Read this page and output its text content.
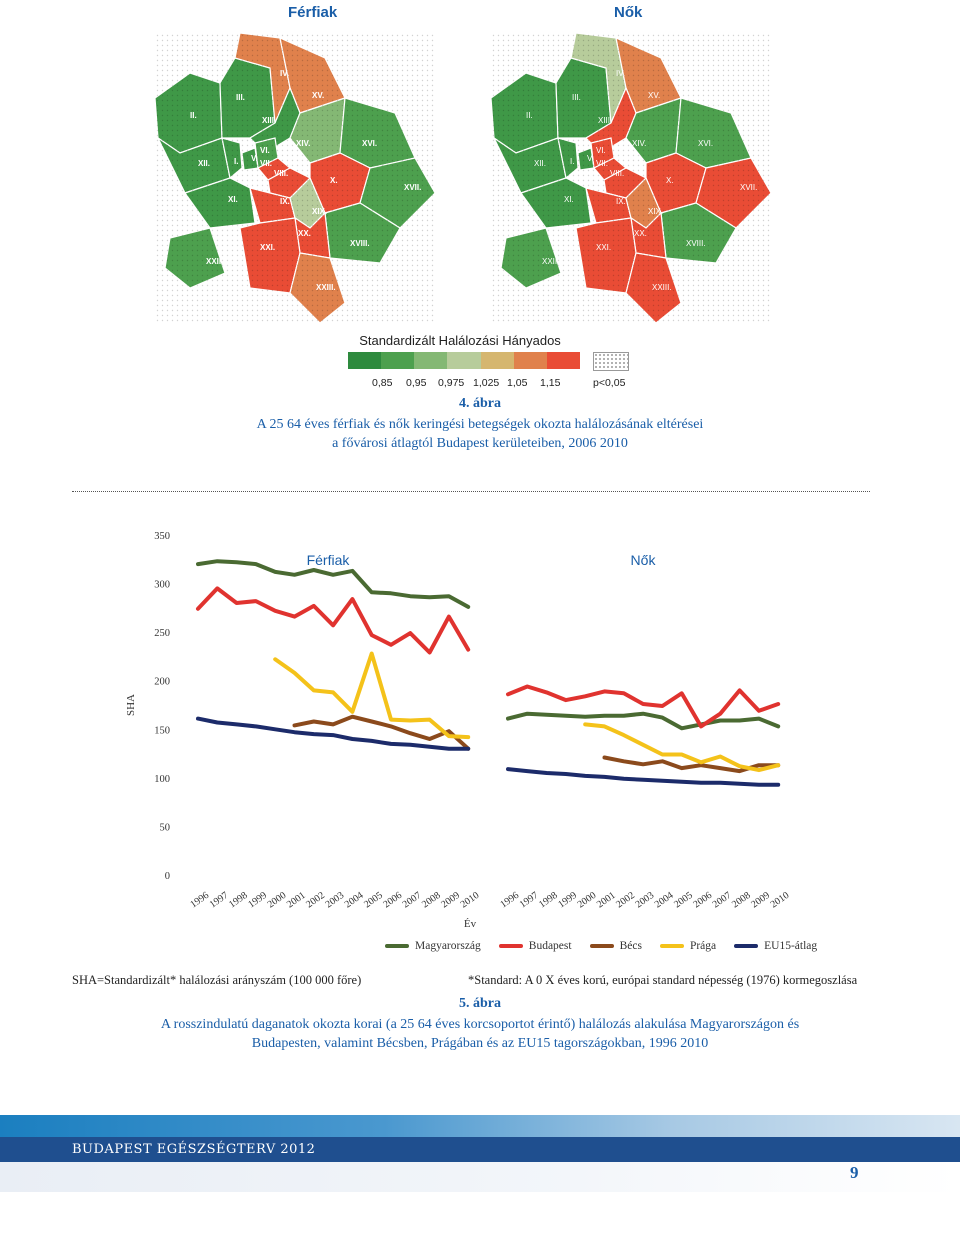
Férfiak	Nők
II.
III.
IV.
XV.
XIII.
XIV.	XVI.
XII.	I. V.
VI.
VII.
VIII.
X.
XVII.
XI.	IX.
XIX.
XVIII.
XX.
XXII.
XXI.
XXIII.
II.
III.
IV.
XV.
XIII.
XIV.	XVI.
XII.	I. V.
VI.
VII.
VIII.
X.
XVII.
XI.	IX.
XIX.
XVIII.
XX.
XXII.
XXI.
XXIII.
Standardizált Halálozási Hányados
0,85 0,95 0,975 1,025 1,05 1,15	p<0,05
4. ábra
A 25 64 éves férfiak és nők keringési betegségek okozta halálozásának eltérései
a fővárosi átlagtól Budapest kerületeiben, 2006 2010
0
50
100
150
200
250
300
350
SHA
Év
Férfiak
1996
1997
1998
1999
2000
2001
2002
2003
2004
2005
2006
2007
2008
2009
2010
Nők
1996
1997
1998
1999
2000
2001
2002
2003
2004
2005
2006
2007
2008
2009
2010
Magyarország	Budapest	Bécs	Prága	EU15-átlag
SHA=Standardizált* halálozási arányszám (100 000 főre)	*Standard: A 0 X éves korú, európai standard népesség (1976) kormegoszlása
5. ábra
A rosszindulatú daganatok okozta korai (a 25 64 éves korcsoportot érintő) halálozás alakulása Magyarországon és
Budapesten, valamint Bécsben, Prágában és az EU15 tagországokban, 1996 2010
BUDAPEST EGÉSZSÉGTERV 2012
9
